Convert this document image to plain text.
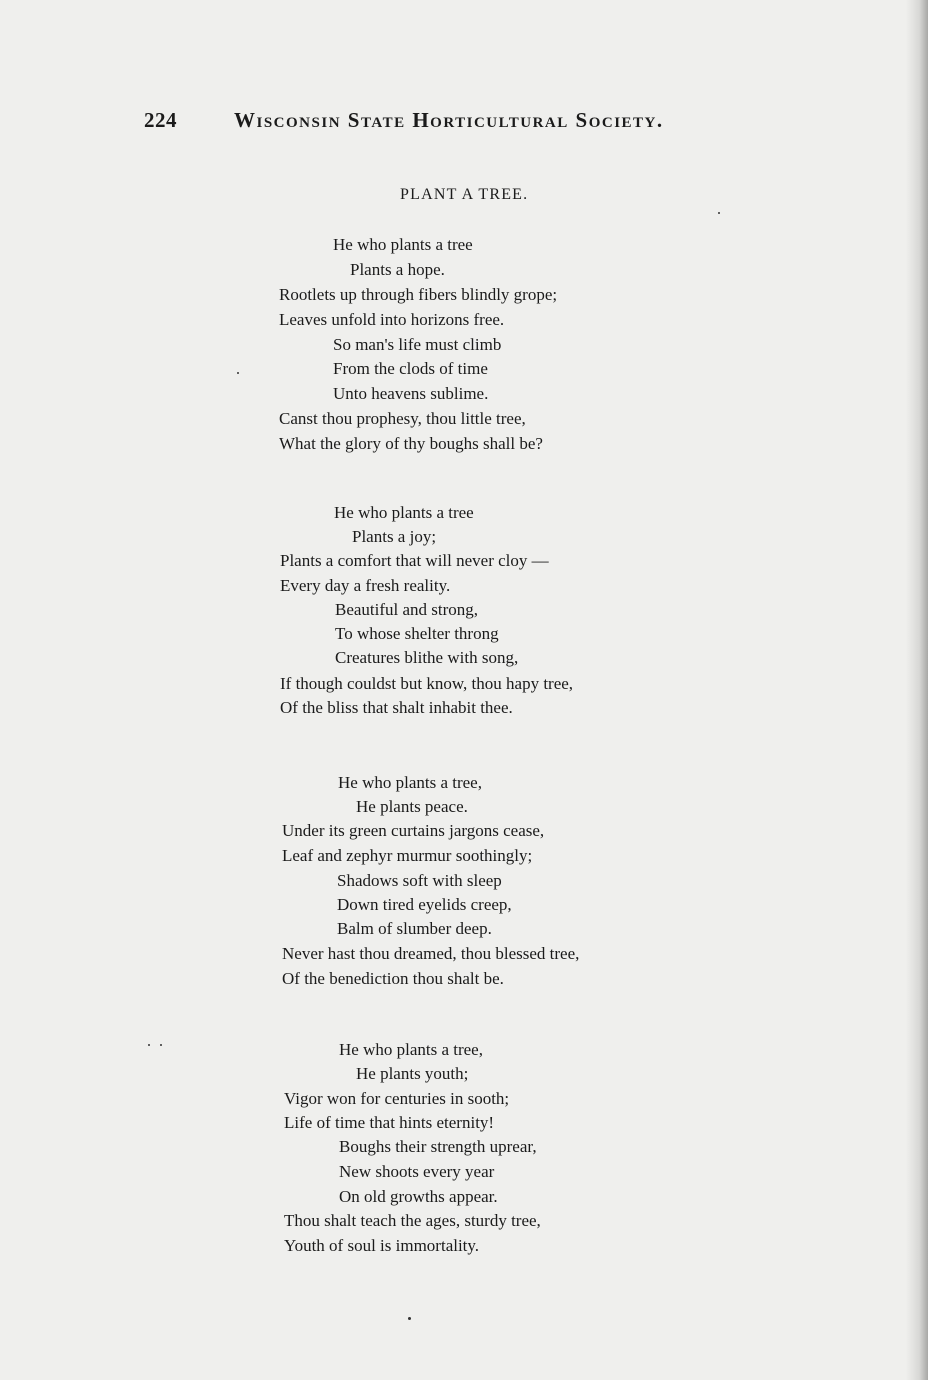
224	Wisconsin State Horticultural Society.
PLANT A TREE.
He who plants a tree
Plants a hope.
Rootlets up through fibers blindly grope;
Leaves unfold into horizons free.
So man's life must climb
From the clods of time
Unto heavens sublime.
Canst thou prophesy, thou little tree,
What the glory of thy boughs shall be?
He who plants a tree
Plants a joy;
Plants a comfort that will never cloy —
Every day a fresh reality.
Beautiful and strong,
To whose shelter throng
Creatures blithe with song,
If though couldst but know, thou hapy tree,
Of the bliss that shalt inhabit thee.
He who plants a tree,
He plants peace.
Under its green curtains jargons cease,
Leaf and zephyr murmur soothingly;
Shadows soft with sleep
Down tired eyelids creep,
Balm of slumber deep.
Never hast thou dreamed, thou blessed tree,
Of the benediction thou shalt be.
He who plants a tree,
He plants youth;
Vigor won for centuries in sooth;
Life of time that hints eternity!
Boughs their strength uprear,
New shoots every year
On old growths appear.
Thou shalt teach the ages, sturdy tree,
Youth of soul is immortality.
